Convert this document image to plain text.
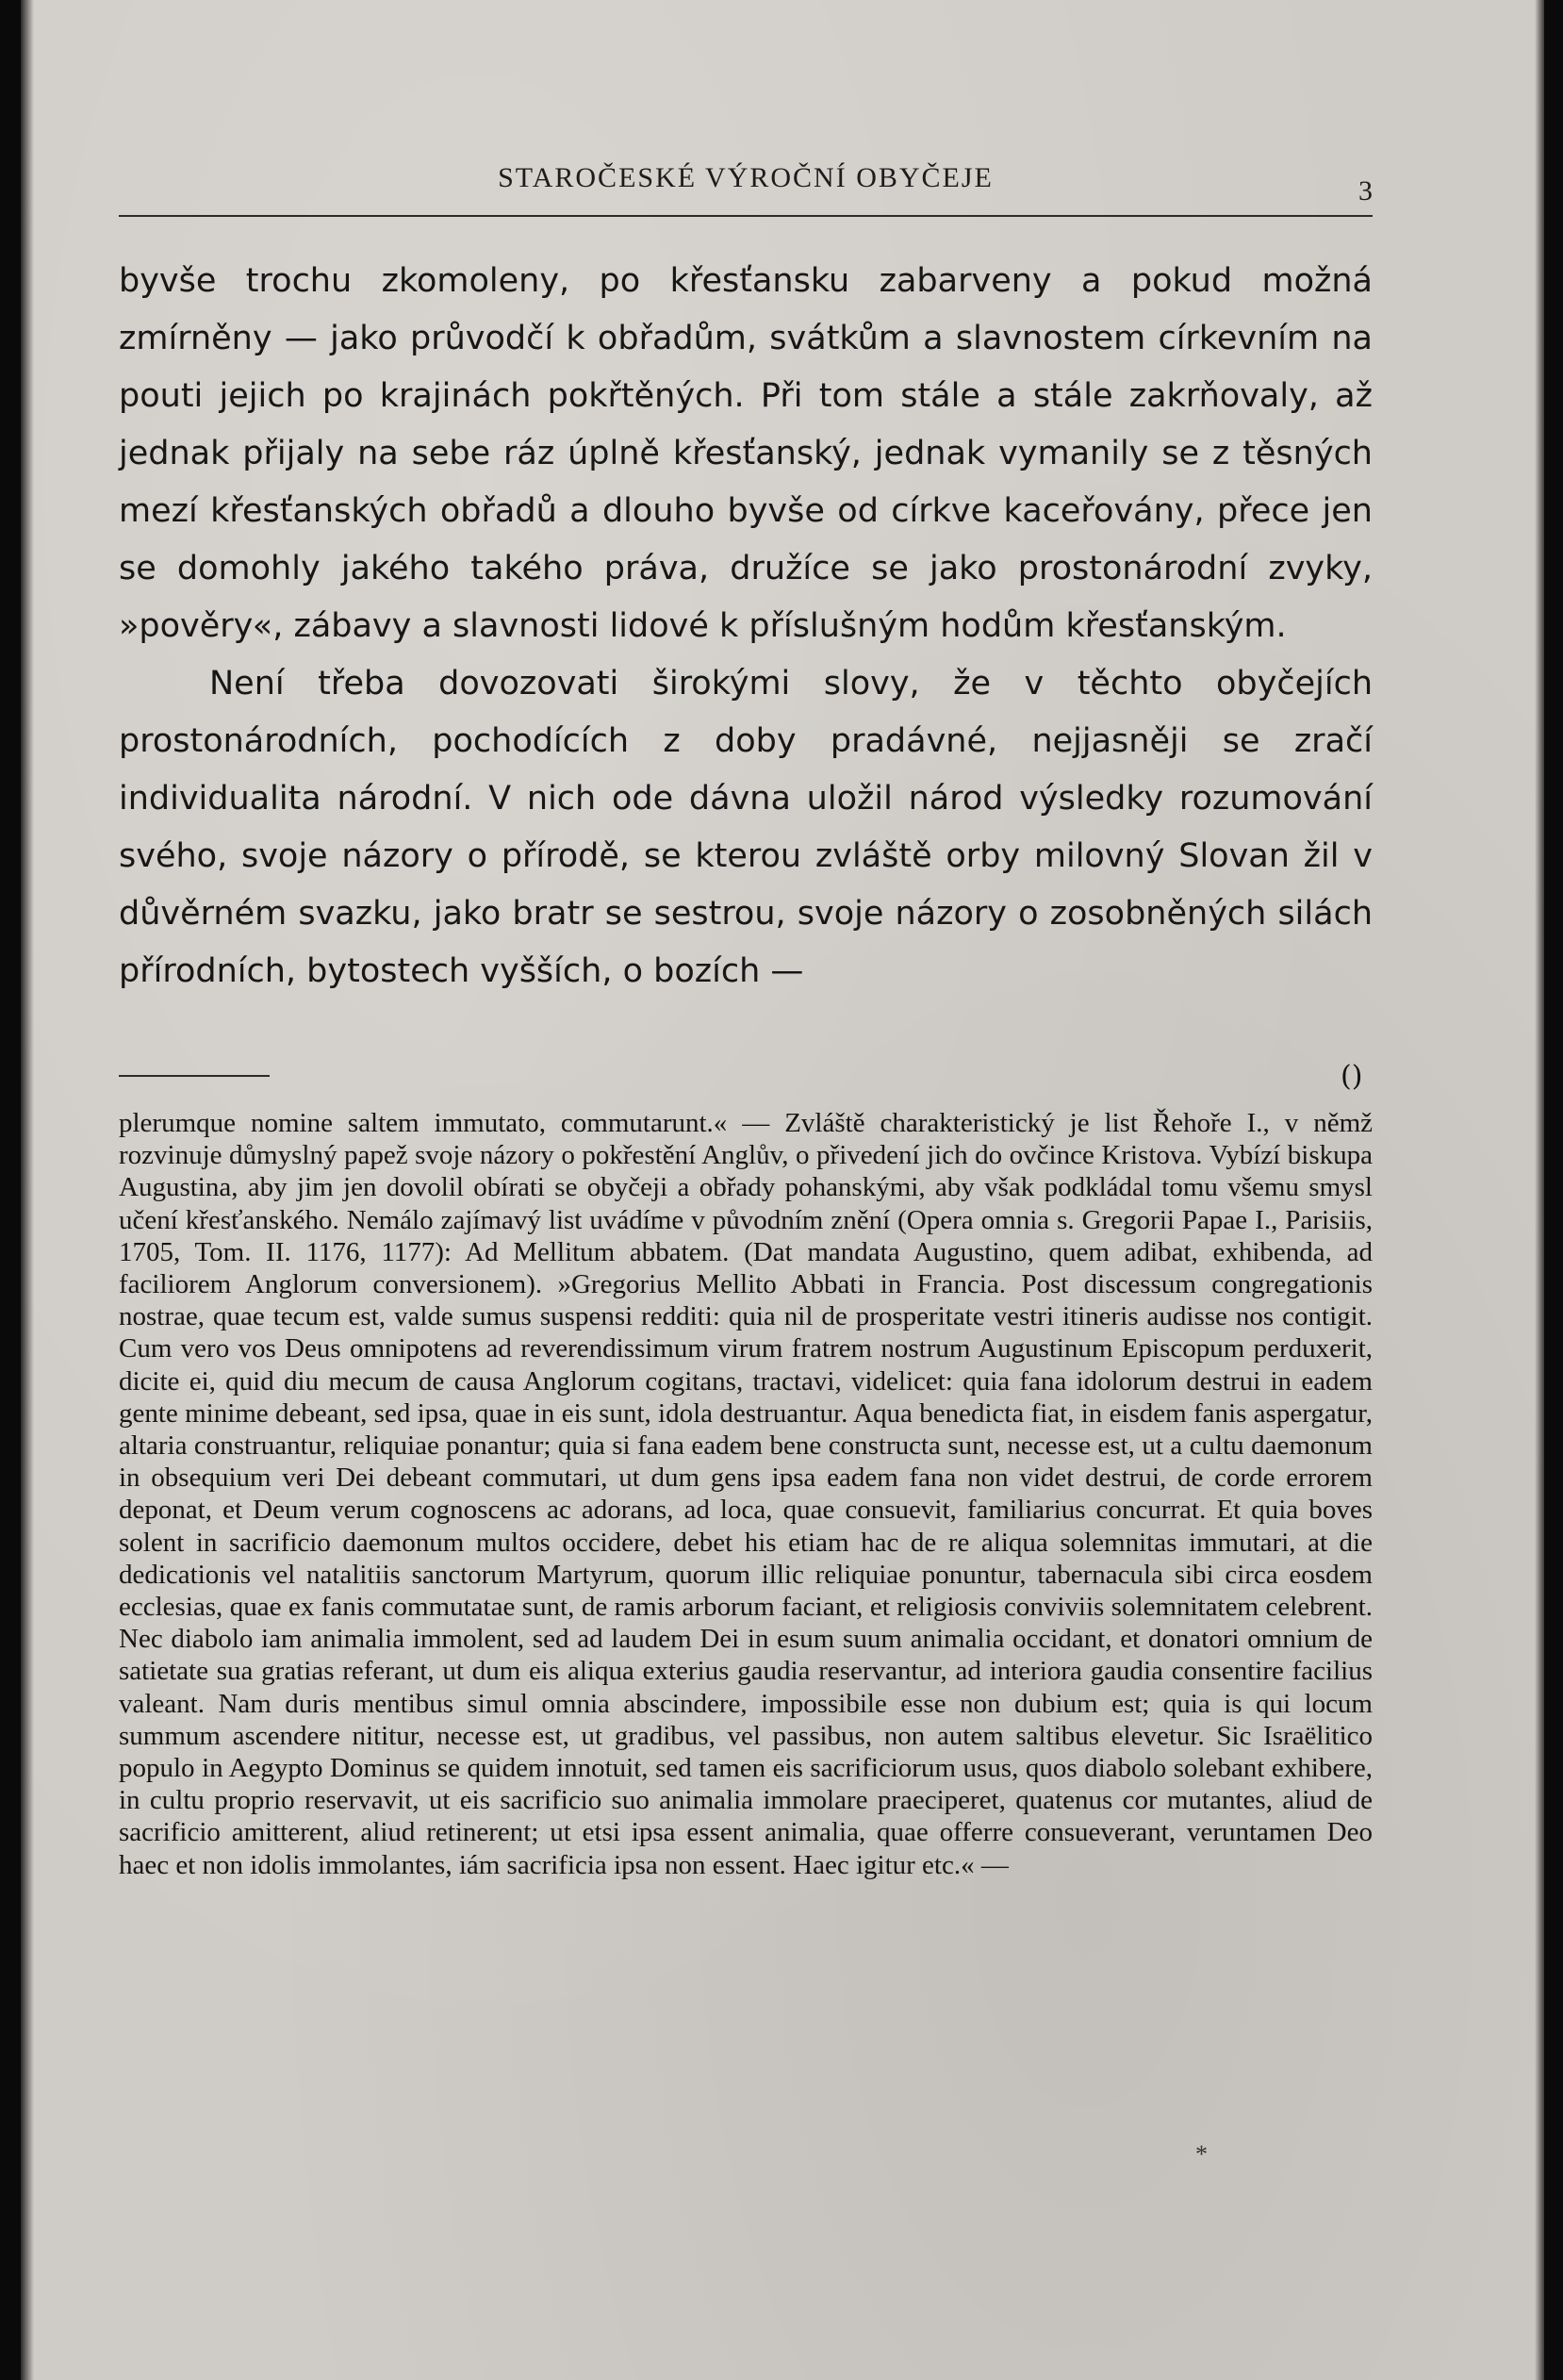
STAROČESKÉ VÝROČNÍ OBYČEJE	3

byvše trochu zkomoleny, po křesťansku zabarveny a pokud možná zmírněny — jako průvodčí k obřadům, svátkům a slavnostem církevním na pouti jejich po krajinách pokřtěných. Při tom stále a stále zakrňovaly, až jednak přijaly na sebe ráz úplně křesťanský, jednak vymanily se z těsných mezí křesťanských obřadů a dlouho byvše od církve kaceřovány, přece jen se domohly jakého takého práva, družíce se jako prostonárodní zvyky, »pověry«, zábavy a slavnosti lidové k příslušným hodům křesťanským.

Není třeba dovozovati širokými slovy, že v těchto obyčejích prostonárodních, pochodících z doby pradávné, nejjasněji se zračí individualita národní. V nich ode dávna uložil národ výsledky rozumování svého, svoje názory o přírodě, se kterou zvláště orby milovný Slovan žil v důvěrném svazku, jako bratr se sestrou, svoje názory o zosobněných silách přírodních, bytostech vyšších, o bozích —

()

plerumque nomine saltem immutato, commutarunt.« — Zvláště charakteristický je list Řehoře I., v němž rozvinuje důmyslný papež svoje názory o pokřestění Anglův, o přivedení jich do ovčince Kristova. Vybízí biskupa Augustina, aby jim jen dovolil obírati se obyčeji a obřady pohanskými, aby však podkládal tomu všemu smysl učení křesťanského. Nemálo zajímavý list uvádíme v původním znění (Opera omnia s. Gregorii Papae I., Parisiis, 1705, Tom. II. 1176, 1177): Ad Mellitum abbatem. (Dat mandata Augustino, quem adibat, exhibenda, ad faciliorem Anglorum conversionem). »Gregorius Mellito Abbati in Francia. Post discessum congregationis nostrae, quae tecum est, valde sumus suspensi redditi: quia nil de prosperitate vestri itineris audisse nos contigit. Cum vero vos Deus omnipotens ad reverendissimum virum fratrem nostrum Augustinum Episcopum perduxerit, dicite ei, quid diu mecum de causa Anglorum cogitans, tractavi, videlicet: quia fana idolorum destrui in eadem gente minime debeant, sed ipsa, quae in eis sunt, idola destruantur. Aqua benedicta fiat, in eisdem fanis aspergatur, altaria construantur, reliquiae ponantur; quia si fana eadem bene constructa sunt, necesse est, ut a cultu daemonum in obsequium veri Dei debeant commutari, ut dum gens ipsa eadem fana non videt destrui, de corde errorem deponat, et Deum verum cognoscens ac adorans, ad loca, quae consuevit, familiarius concurrat. Et quia boves solent in sacrificio daemonum multos occidere, debet his etiam hac de re aliqua solemnitas immutari, at die dedicationis vel natalitiis sanctorum Martyrum, quorum illic reliquiae ponuntur, tabernacula sibi circa eosdem ecclesias, quae ex fanis commutatae sunt, de ramis arborum faciant, et religiosis conviviis solemnitatem celebrent. Nec diabolo iam animalia immolent, sed ad laudem Dei in esum suum animalia occidant, et donatori omnium de satietate sua gratias referant, ut dum eis aliqua exterius gaudia reservantur, ad interiora gaudia consentire facilius valeant. Nam duris mentibus simul omnia abscindere, impossibile esse non dubium est; quia is qui locum summum ascendere nititur, necesse est, ut gradibus, vel passibus, non autem saltibus elevetur. Sic Israëlitico populo in Aegypto Dominus se quidem innotuit, sed tamen eis sacrificiorum usus, quos diabolo solebant exhibere, in cultu proprio reservavit, ut eis sacrificio suo animalia immolare praeciperet, quatenus cor mutantes, aliud de sacrificio amitterent, aliud retinerent; ut etsi ipsa essent animalia, quae offerre consueverant, veruntamen Deo haec et non idolis immolantes, iám sacrificia ipsa non essent. Haec igitur etc.« —

*
